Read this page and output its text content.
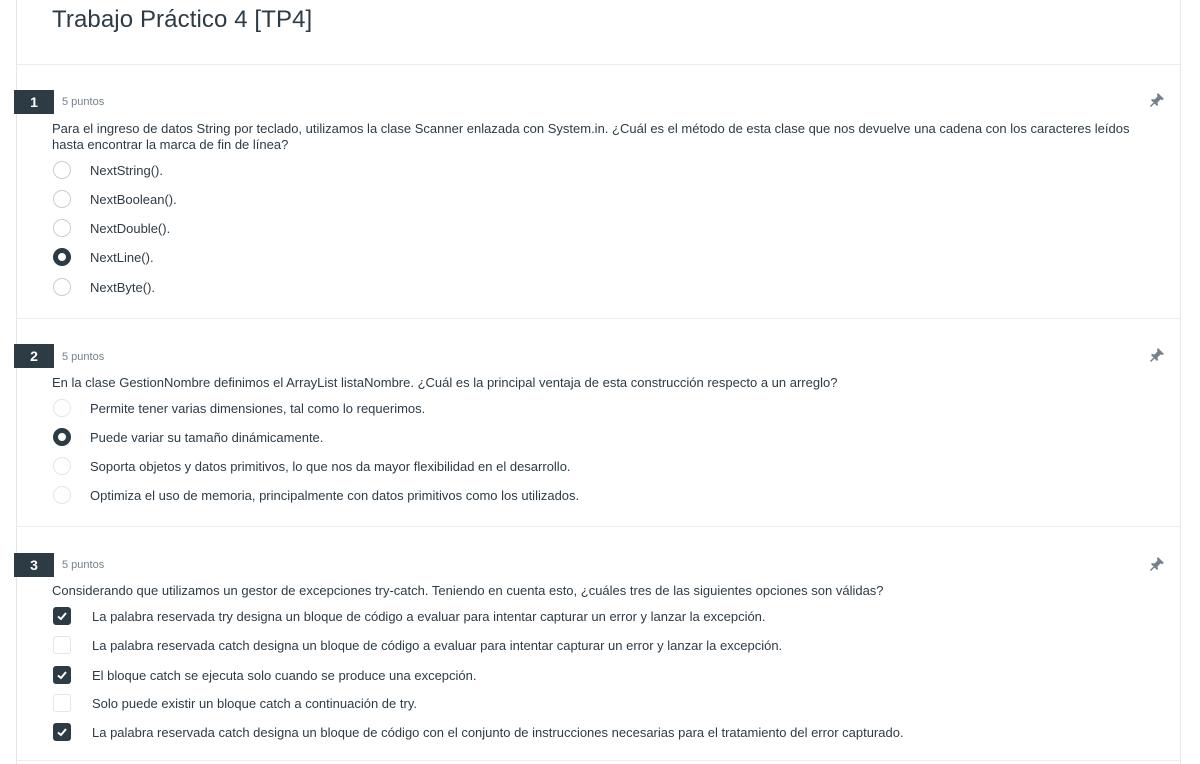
Trabajo Práctico 4 [TP4]
1	5 puntos
Para el ingreso de datos String por teclado, utilizamos la clase Scanner enlazada con System.in. ¿Cuál es el método de esta clase que nos devuelve una cadena con los caracteres leídos hasta encontrar la marca de fin de línea?
NextString().
NextBoolean().
NextDouble().
NextLine().
NextByte().
2	5 puntos
En la clase GestionNombre definimos el ArrayList listaNombre. ¿Cuál es la principal ventaja de esta construcción respecto a un arreglo?
Permite tener varias dimensiones, tal como lo requerimos.
Puede variar su tamaño dinámicamente.
Soporta objetos y datos primitivos, lo que nos da mayor flexibilidad en el desarrollo.
Optimiza el uso de memoria, principalmente con datos primitivos como los utilizados.
3	5 puntos
Considerando que utilizamos un gestor de excepciones try-catch. Teniendo en cuenta esto, ¿cuáles tres de las siguientes opciones son válidas?
La palabra reservada try designa un bloque de código a evaluar para intentar capturar un error y lanzar la excepción.
La palabra reservada catch designa un bloque de código a evaluar para intentar capturar un error y lanzar la excepción.
El bloque catch se ejecuta solo cuando se produce una excepción.
Solo puede existir un bloque catch a continuación de try.
La palabra reservada catch designa un bloque de código con el conjunto de instrucciones necesarias para el tratamiento del error capturado.
